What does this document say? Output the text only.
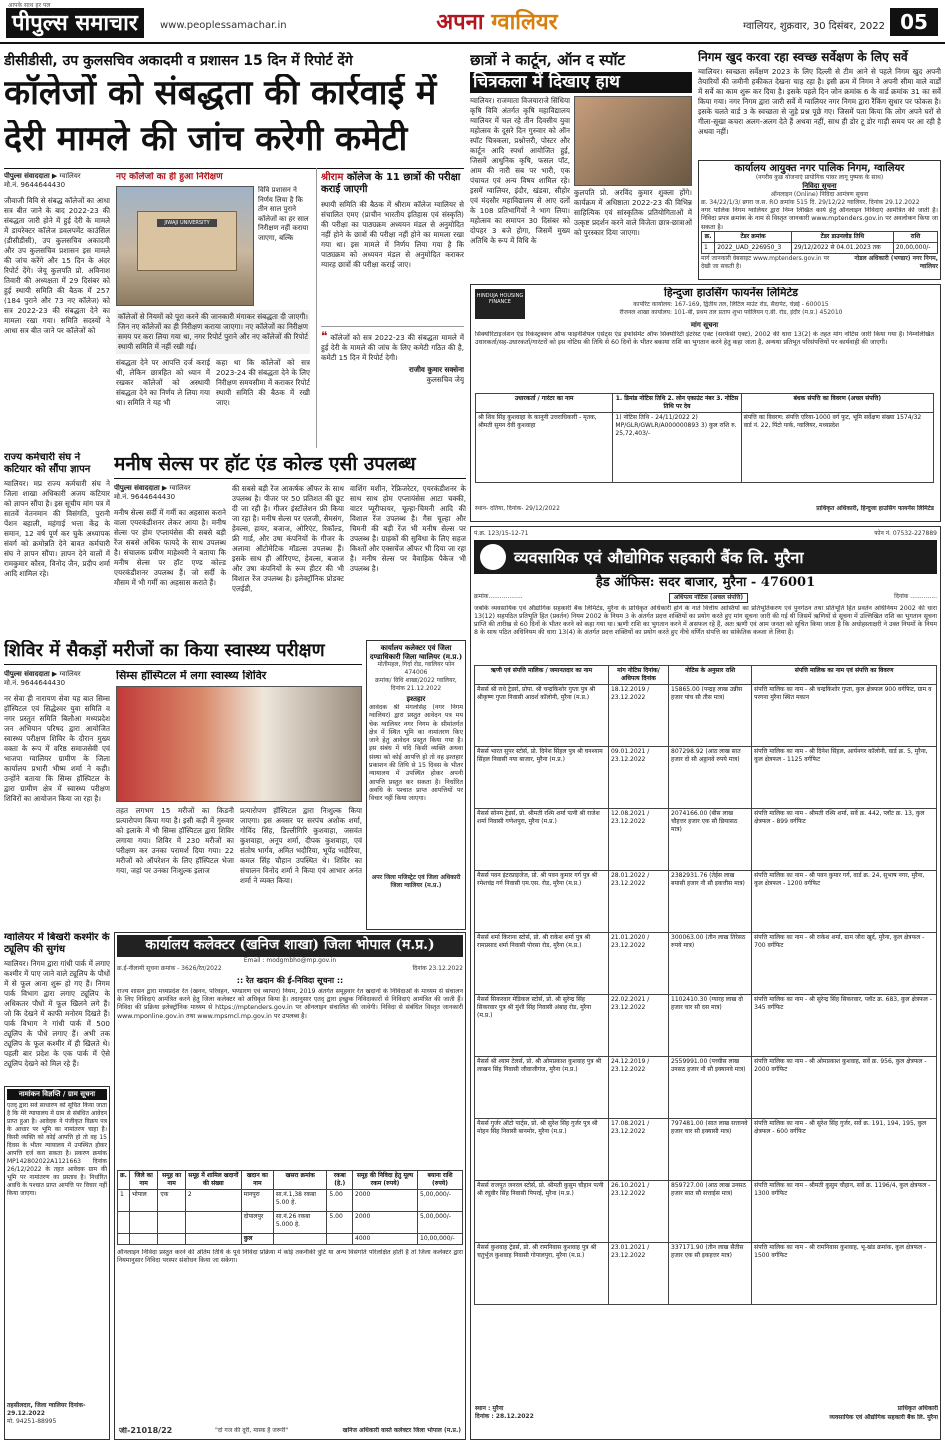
पीपुल्स समाचार
आपके साथ हर पल
www.peoplessamachar.in	अपना ग्वालियर	ग्वालियर, शुक्रवार, 30 दिसंबर, 2022 05
डीसीडीसी, उप कुलसचिव अकादमी व प्रशासन 15 दिन में रिपोर्ट देंगे
कॉलेजों को संबद्धता की कार्रवाई में
देरी मामले की जांच करेगी कमेटी
पीपुल्स संवाददाता ▶ ग्वालियर
मो.नं. 9644644430
जीवाजी विवि से संबद्ध कॉलेजों का आधा सत्र बीत जाने के बाद 2022-23 की संबद्धता जारी होने में हुई देरी के मामले में डायरेक्टर कॉलेज डवलपमेंट काउंसिल (डीसीडीसी), उप कुलसचिव अकादमी और उप कुलसचिव प्रशासन इस मामले की जांच करेंगे और 15 दिन के अंदर रिपोर्ट देंगे। जेयू कुलपति प्रो. अविनाश तिवारी की अध्यक्षता में 29 दिसंबर को हुई स्थायी समिति की बैठक में 257 (184 पुराने और 73 नए कॉलेज) को सत्र 2022-23 की संबद्धता देने का मामला रखा गया। समिति सदस्यों ने आधा सत्र बीत जाने पर कॉलेजों को
नए कॉलेजों का ही हुआ निरीक्षण
JIWAJI UNIVERSITY
विवि प्रशासन ने निर्णय लिया है कि तीन साल पुराने कॉलेजों का हर साल निरीक्षण नहीं कराया जाएगा, बल्कि
कॉलेजों से नियमों को पूरा करने की जानकारी मंगाकर संबद्धता दी जाएगी। जिन नए कॉलेजों का ही निरीक्षण कराया जाएगा। नए कॉलेजों का निरीक्षण समय पर करा लिया गया था, नगर रिपोर्ट पुराने और नए कॉलेजों की रिपोर्ट स्थायी समिति में नहीं रखी गई।
संबद्धता देने पर आपत्ति दर्ज कराई थी, लेकिन छात्रहित को ध्यान में रखकर कॉलेजों को अस्थायी संबद्धता देने का निर्णय ले लिया गया था। समिति ने यह भी
कहा था कि कॉलेजों को सत्र 2023-24 की संबद्धता देने के लिए निरीक्षण समयसीमा में कराकर रिपोर्ट स्थायी समिति की बैठक में रखी जाए।
श्रीराम कॉलेज के 11 छात्रों की परीक्षा कराई जाएगी
स्थायी समिति की बैठक में श्रीराम कॉलेज ग्वालियर से संचालित एमए (प्राचीन भारतीय इतिहास एवं संस्कृति) की परीक्षा का पाठ्यक्रम अध्ययन मंडल से अनुमोदित नहीं होने के छात्रों की परीक्षा नहीं होने का मामला रखा गया था। इस मामले में निर्णय लिया गया है कि पाठ्यक्रम को अध्ययन मंडल से अनुमोदित कराकर ग्यारह छात्रों की परीक्षा कराई जाए।
❝ कॉलेजों को सत्र 2022-23 की संबद्धता मामले में हुई देरी के मामले की जांच के लिए कमेटी गठित की है, कमेटी 15 दिन में रिपोर्ट देगी।
राजीव कुमार सक्सेना
कुलसचिव जेयू
छात्रों ने कार्टून, ऑन द स्पॉट
चित्रकला में दिखाए हाथ
ग्वालियर। राजमाता विजयाराजे सिंधिया कृषि विवि अंतर्गत कृषि महाविद्यालय ग्वालियर में चल रहे तीन दिवसीय युवा महोत्सव के दूसरे दिन गुरुवार को ऑन स्पॉट चित्रकला, प्रश्नोत्तरी, पोस्टर और कार्टून आदि स्पर्धा आयोजित हुई, जिसमें आधुनिक कृषि, फसल पॉट, आम की नारी सब पर भारी, एक पंचायत एवं अन्य विषय शामिल रहे। इसमें ग्वालियर, इंदौर, खंडवा, सीहोर एवं मंदसौर महाविद्यालय से आए दलों के 108 प्रतिभागियों ने भाग लिया। महोत्सव का समापन 30 दिसंबर को दोपहर 3 बजे होगा, जिसमें मुख्य अतिथि के रूप में विधि के
कुलपति प्रो. अरविंद कुमार शुक्ला होंगे। कार्यक्रम में अधिष्ठाता 2022-23 की विभिन्न साहित्यिक एवं सांस्कृतिक प्रतियोगिताओं में उत्कृष्ट प्रदर्शन करने वाले विजेता छात्र-छात्राओं को पुरस्कार दिया जाएगा।
निगम खुद करवा रहा स्वच्छ सर्वेक्षण के लिए सर्वे
ग्वालियर। स्वच्छता सर्वेक्षण 2023 के लिए दिल्ली से टीम आने से पहले निगम खुद अपनी तैयारियों की जमीनी हकीकत देखना चाह रहा है। इसी क्रम में निगम ने अपनी सीमा वाले वार्डों में सर्वे का काम शुरू कर दिया है। इसके पहले दिन जोन क्रमांक 6 के वार्ड क्रमांक 31 का सर्वे किया गया। नगर निगम द्वारा जारी सर्वे में ग्वालियर नगर निगम द्वारा रैंकिंग सुधार पर फोकस है। इसके चलते वार्ड 3 के स्वच्छता से जुड़े प्रश्न पूछे गए। जिसमें पता किया कि लोग अपने घरों से गीला-सूखा कचरा अलग-अलग देते हैं अथवा नहीं, साथ ही डोर टू डोर गाड़ी समय पर आ रही है अथवा नहीं।
कार्यालय आयुक्त नगर पालिक निगम, ग्वालियर
(नगरीय कुछ योजनाएं प्रायोगिक पावर लागू पुष्पक के साथ)
निविदा सूचना
ऑनलाइन (Online) निविदा आमंत्रण सूचना
क्र. 34/22/1/3/ ब्रगरा ज.स. RO क्रमांक 515 दि. 29/12/22 ग्वालियर, दिनांक 29.12.2022
नगर पालिक निगम ग्वालियर द्वारा निम्न लिखित कार्य हेतु ऑनलाइन निविदाएं आमंत्रित की जाती है। निविदा प्रपत्र क्रमांक के नाम से विस्तृत जानकारी www.mptenders.gov.in पर अवलोकन किया जा सकता है।
क्र.	टेंडर क्रमांक	टेंडर डाउनलोड तिथि	राशि
1	2022_UAD_226950_3	29/12/2022 से 04.01.2023 तक	20,00,000/-
मार्ग जानकारी वेबसाइट www.mptenders.gov.in पर देखी जा सकती है।
नोडल अधिकारी (भण्डार) नगर निगम, ग्वालियर
राज्य कर्मचारी संघ ने कटियार को सौंपा ज्ञापन
ग्वालियर। मप्र राज्य कर्मचारी संघ ने जिला शाखा अधिकारी अजय कटियार को ज्ञापन सौंपा है। इस सूचीय मांग पत्र में सातवें वेतनमान की विसंगति, पुरानी पेंशन बहाली, महंगाई भत्ता केंद्र के समान, 12 वर्ष पूर्ण कर चुके अध्यापक संवर्ग को क्रमोन्नति देने बावत कर्मचारी संघ ने ज्ञापन सौंपा। ज्ञापन देने वालों में रामकुमार कौरव, विनोद जैन, प्रदीप शर्मा आदि शामिल रहे।
HINDUJA HOUSING FINANCE
हिन्दुजा हाउसिंग फायनेंस लिमिटेड
कार्पोरेट कार्यालय: 167-169, द्वितीय तल, लिटिल माउंट रोड, सैदापेट, चेन्नई - 600015
रीजनल शाखा कार्यालय: 101-बी, प्रथम तल प्रताप शुभा पवेलियन ए.बी. रोड, इंदौर (म.प्र.) 452010
मांग सूचना
सिक्योरिटाइजेशन एंड रिकंस्ट्रक्शन ऑफ फाइनेंशियल एसेट्स एंड इंफोर्समेंट ऑफ सिक्योरिटी इंटरेस्ट एक्ट (सरफेसी एक्ट), 2002 की धारा 13(2) के तहत मांग नोटिस जारी किया गया है। निम्नलिखित उधारकर्ता/सह-उधारकर्ता/गारंटरों को इस नोटिस की तिथि से 60 दिनों के भीतर बकाया राशि का भुगतान करने हेतु कहा जाता है, अन्यथा प्रतिभूत परिसंपत्तियों पर कार्यवाही की जाएगी।
उधारकर्ता / गारंटर का नाम	1. डिमांड नोटिस तिथि 2. लोन एकाउंट नंबर 3. नोटिस तिथि पर देय	बंधक संपत्ति का विवरण (अचल संपत्ति)
श्री शिव सिंह कुशवाहा के कानूनी उत्तराधिकारी - मृतक, श्रीमती सुमन देवी कुशवाहा	1) नोटिस तिथि - 24/11/2022 2) MP/GLR/GWLR/A000000893 3) कुल राशि रु. 25,72,403/-	संपत्ति का विवरण: संपत्ति एरिया-1000 वर्ग फुट, भूमि सर्वेक्षण संख्या 1574/32 वार्ड नं. 22, पिंटो पार्क, ग्वालियर, मध्यप्रदेश
स्थान- दतिया, दिनांक- 29/12/2022	प्राधिकृत अधिकारी, हिन्दुजा हाउसिंग फायनेंस लिमिटेड
मनीष सेल्स पर हॉट एंड कोल्ड एसी उपलब्ध
पीपुल्स संवाददाता ▶ ग्वालियर
मो.नं. 9644644430
मनीष सेल्स सर्दी में गर्मी का अहसास कराने वाला एयरकंडीशनर लेकर आया है। मनीष सेल्स पर होम एप्लायंसेस की सबसे बड़ी रेंज सबसे अधिक फायदे के साथ उपलब्ध है। संचालक प्रवीण माहेश्वरी ने बताया कि मनीष सेल्स पर हॉट एण्ड कोल्ड एयरकंडीशनर उपलब्ध हैं। जो सर्दी के मौसम में भी गर्मी का अहसास कराते हैं।
की सबसे बड़ी रेंज आकर्षक ऑफर के साथ उपलब्ध है। पीजर पर 50 प्रतिशत की छूट दी जा रही है। गीजर इंस्टॉलेशन फ्री किया जा रहा है। मनीष सेल्स पर एलजी, सैमसंग, हेवल्स, हायर, बजाज, ओरिएंट, रिकॉल्ड, फ्री गार्ड, और उषा कंपनियों के गीजर के अलावा ऑटोमेटिक मॉडल्स उपलब्ध हैं। इसके साथ ही ऑरिएण्ट, हेवल्स, बजाज और उषा कंपनियों के रूम हीटर की भी विशाल रेंज उपलब्ध है। इलेक्ट्रॉनिक प्रोडक्ट एलईडी,
वाशिंग मशीन, रेफ्रिजरेटर, एयरकंडीशनर के साथ साथ होम एप्लायंसेस आटा चक्की, वाटर प्यूरीफायर, चूल्हा-चिमनी आदि की विशाल रेंज उपलब्ध है। गैस चूल्हा और चिमनी की बड़ी रेंज भी मनीष सेल्स पर उपलब्ध है। ग्राहकों की सुविधा के लिए सहज किश्तों और एक्सचेंज ऑफर भी दिया जा रहा है। मनीष सेल्स पर वैवाहिक पैकेज भी उपलब्ध है।
शिविर में सैकड़ों मरीजों का किया स्वास्थ्य परीक्षण
पीपुल्स संवाददाता ▶ ग्वालियर
मो.नं. 9644644430
नर सेवा ही नारायण सेवा यह बात सिम्स हॉस्पिटल एवं सिद्धेश्वर युवा समिति व नगर प्रस्तुत समिति बिलौआ मध्यप्रदेश जन अभियान परिषद द्वारा आयोजित स्वास्थ्य परीक्षण शिविर के दौरान मुख्य वक्ता के रूप में वरिष्ठ समाजसेवी एवं भाजपा ग्वालियर ग्रामीण के जिला कार्यालय प्रभारी भीष्म शर्मा ने कही। उन्होंने बताया कि सिम्स हॉस्पिटल के द्वारा ग्रामीण क्षेत्र में स्वास्थ्य परीक्षण शिविरों का आयोजन किया जा रहा है।
सिम्स हॉस्पिटल में लगा स्वास्थ्य शिविर
तहत लगभग 15 मरीजों का किडनी प्रत्यारोपण किया गया है। इसी कड़ी में गुरुवार को इलाके में भी सिम्स हॉस्पिटल द्वारा शिविर लगाया गया। शिविर में 230 मरीजों का परीक्षण कर उनका परामर्श दिया गया। 22 मरीजों को ऑपरेशन के लिए हॉस्पिटल भेजा गया, जहां पर उनका निःशुल्क इलाज
प्रत्यारोपण हॉस्पिटल द्वारा निःशुल्क किया जाएगा। इस अवसर पर सरपंच अशोक शर्मा, गोविंद सिंह, डिल्लीगिरि कुशवाहा, जसवंत कुशवाहा, अनूप शर्मा, दीपक कुशवाहा, एवं संतोष भार्गव, अमित भदौरिया, भूपेंद्र भदौरिया, कमल सिंह चौहान उपस्थित थे। शिविर का संचालन विनोद शर्मा ने किया एवं आभार अनंत शर्मा ने व्यक्त किया।
कार्यालय कलेक्टर एवं जिला दण्डाधिकारी जिला ग्वालियर (म.प्र.)
मोतीमहल, गिर्दा रोड, ग्वालियर फोन 474006
क्रमांक/ विधि शाखा/2022 ग्वालियर, दिनांक 21.12.2022
इश्तहार
आवेदक श्री मंगलसिंह (नगर निगम ग्वालियर) द्वारा प्रस्तुत आवेदन पत्र मय चेक ग्वालियर नगर निगम के सीमांतर्गत क्षेत्र में स्थित भूमि का नामांतरण किए जाने हेतु आवेदन प्रस्तुत किया गया है। इस संबंध में यदि किसी व्यक्ति अथवा संस्था को कोई आपत्ति हो तो वह इश्तहार प्रकाशन की तिथि से 15 दिवस के भीतर न्यायालय में उपस्थित होकर अपनी आपत्ति प्रस्तुत कर सकता है। निर्धारित अवधि के पश्चात प्राप्त आपत्तियों पर विचार नहीं किया जाएगा।
अपर जिला मजिस्ट्रेट एवं जिला अधिकारी जिला ग्वालियर (म.प्र.)
ग्वालियर में बिखरी कश्मीर के ट्यूलिप की सुगंध
ग्वालियर। निगम द्वारा गांधी पार्क में लगाए कश्मीर में पाए जाने वाले ट्यूलिप के पौधों में से फूल आना शुरू हो गए हैं। निगम पार्क विभाग द्वारा लगाए ट्यूलिप के अधिकतर पौधों में फूल खिलने लगे हैं। जो कि देखने में काफी मनोरम दिखते हैं। पार्क विभाग ने गांधी पार्क में 500 ट्यूलिप के पौधे लगाए हैं। अभी तक ट्यूलिप के फूल कश्मीर में ही खिलते थे। पहली बार प्रदेश के एक पार्क में ऐसे ट्यूलिप देखने को मिल रहे हैं।
नामांकन विज्ञप्ति / ग्राम सूचना
एतद् द्वारा सर्व साधारण को सूचित किया जाता है कि मेरे न्यायालय में ग्राम से संबंधित आवेदन प्राप्त हुआ है। आवेदक ने पंजीकृत विक्रय पत्र के आधार पर भूमि का नामांतरण चाहा है। किसी व्यक्ति को कोई आपत्ति हो तो वह 15 दिवस के भीतर न्यायालय में उपस्थित होकर आपत्ति दर्ज करा सकता है। प्रकरण क्रमांक MP142802022A1121663 दिनांक 26/12/2022 के तहत आवेदक ग्राम की भूमि पर नामांतरण का प्रस्ताव है। निर्धारित अवधि के पश्चात प्राप्त आपत्ति पर विचार नहीं किया जाएगा।
तहसीलदार, जिला ग्वालियर दिनांक- 29.12.2022
मो. 94251-88995
कार्यालय कलेक्टर (खनिज शाखा) जिला भोपाल (म.प्र.)
Email : modgmbho@mp.gov.in
क्र.ई-नीलामी सूचना क्रमांक - 3626/रेत/2022	दिनांक 23.12.2022
:: रेत खदान की ई-निविदा सूचना ::
राज्य शासन द्वारा मध्यप्रदेश रेत (खनन, परिवहन, भण्डारण एवं व्यापार) नियम, 2019 अंतर्गत समूहवार रेत खदानों के निविदाओं के माध्यम से संचालन के लिए निविदाएं आमंत्रित करने हेतु जिला कलेक्टर को अधिकृत किया है। तदानुसार एतद् द्वारा इच्छुक निविदाकारों से निविदाएं आमंत्रित की जाती हैं। निविदा की प्रक्रिया इलेक्ट्रॉनिक माध्यम से https://mptenders.gov.in पर ऑनलाइन संचालित की जावेगी। निविदा से संबंधित विस्तृत जानकारी www.mponline.gov.in तथा www.mpsmcl.mp.gov.in पर उपलब्ध है।
क्र.	जिले का नाम	समूह का नाम	समूह में शामिल खदानों की संख्या	खदान का नाम	खसरा क्रमांक	रकबा (हे.)	समूह की निविदा हेतु मूल्य रकम (रुपये)	बयाना राशि (रुपये)
1	भोपाल	एक	2	मानपुरा	सा.नं.1,38 रकबा 5.00 हे.	5.00	2000	5,00,000/-
				दोपालपुर	सा.नं.26 रकबा 5.000 हे.	5.00	2000	5,00,000/-
				कुल			4000	10,00,000/-
ऑनलाइन निविदा प्रस्तुत करने की अंतिम तिथि के पूर्व निविदा प्रक्रिया में कोई तकनीकी त्रुटि या अन्य विसंगति परिलक्षित होती है तो जिला कलेक्टर द्वारा नियमानुसार निविदा परस्पर संशोधन किया जा सकेगा।
जी-21018/22	"दो गज की दूरी, मास्क है जरूरी"	खनिज अधिकारी वास्ते कलेक्टर जिला भोपाल (म.प्र.)
पं.क्र. 123/15-12-71	फोन नं. 07532-227889
व्यवसायिक एवं औद्योगिक सहकारी बैंक लि. मुरैना
हैड ऑफिस: सदर बाजार, मुरैना - 476001
क्रमांक..................	अधिपत्य नोटिस (अचल संपत्ति)	दिनांक ..............
जबकि व्यवसायिक एवं औद्योगिक सहकारी बैंक लिमिटेड, मुरैना के प्राधिकृत अधिकारी होने के नाते वित्तीय आस्तियों का प्रतिभूतिकरण एवं पुनर्गठन तथा प्रतिभूति हित प्रवर्तन अधिनियम 2002 की धारा 13(12) सहपठित प्रतिभूति हित (प्रवर्तन) नियम 2002 के नियम 3 के अंतर्गत प्रदत्त शक्तियों का प्रयोग करते हुए मांग सूचना जारी की गई थी जिसमें ऋणियों से सूचना में उल्लिखित राशि का भुगतान सूचना प्राप्ति की तारीख से 60 दिनों के भीतर करने को कहा गया था। ऋणी राशि का भुगतान करने में असफल रहे हैं, अतः ऋणी एवं आम जनता को सूचित किया जाता है कि अधोहस्ताक्षरी ने उक्त नियमों के नियम 8 के साथ पठित अधिनियम की धारा 13(4) के अंतर्गत प्रदत्त शक्तियों का प्रयोग करते हुए नीचे वर्णित संपत्ति का सांकेतिक कब्जा ले लिया है।
ऋणी एवं संपत्ति मालिक / जमानतदार का नाम	मांग नोटिस दिनांक/ अधिपत्य दिनांक	नोटिस के अनुसार राशि	संपत्ति मालिक का नाम एवं संपत्ति का विवरण
मैसर्स श्री राधे ट्रेडर्स, प्रोपा. श्री चन्द्रकिशोर गुप्ता पुत्र श्री श्रीकृष्ण गुप्ता निवासी आदर्श कॉलोनी, मुरैना (म.प्र.)	18.12.2019 / 23.12.2022	15865.00 (पन्द्रह लाख उन्नीस हजार पांच सौ तीस मात्र)	संपत्ति मालिक का नाम - श्री चन्द्रकिशोर गुप्ता, कुल क्षेत्रफल 900 वर्गफिट, ग्राम व परगना मुरैना स्थित मकान
मैसर्स भारत सुपर स्टोर्स, प्रो. दिनेश सिंहल पुत्र श्री घनश्याम सिंहल निवासी नया बाजार, मुरैना (म.प्र.)	09.01.2021 / 23.12.2022	807298.92 (आठ लाख सात हजार दो सौ अट्ठानवे रुपये मात्र)	संपत्ति मालिक का नाम - श्री दिनेश सिंहल, आर्यनगर कॉलोनी, वार्ड क्र. 5, मुरैना, कुल क्षेत्रफल - 1125 वर्गफिट
मैसर्स सोनम ट्रेडर्स, प्रो. श्रीमती रश्मि शर्मा पत्नी श्री राजेश शर्मा निवासी गणेशपुरा, मुरैना (म.प्र.)	12.08.2021 / 23.12.2022	2074166.00 (बीस लाख चौहत्तर हजार एक सौ छियासठ मात्र)	संपत्ति मालिक का नाम - श्रीमती रश्मि शर्मा, सर्वे क्र. 442, प्लॉट क्र. 13, कुल क्षेत्रफल - 899 वर्गफिट
मैसर्स पवन इंटरप्राइजेज, प्रो. श्री पवन कुमार गर्ग पुत्र श्री रमेशचंद्र गर्ग निवासी एम.एस. रोड, मुरैना (म.प्र.)	28.01.2022 / 23.12.2022	2382931.76 (तेईस लाख बयासी हजार नौ सौ इकत्तीस मात्र)	संपत्ति मालिक का नाम - श्री पवन कुमार गर्ग, वार्ड क्र. 24, सुभाष नगर, मुरैना, कुल क्षेत्रफल - 1200 वर्गफिट
मैसर्स शर्मा किराना स्टोर्स, प्रो. श्री राकेश शर्मा पुत्र श्री रामप्रसाद शर्मा निवासी पोरसा रोड, मुरैना (म.प्र.)	21.01.2020 / 23.12.2022	300063.00 (तीन लाख तिरेसठ रुपये मात्र)	संपत्ति मालिक का नाम - श्री राकेश शर्मा, ग्राम जौरा खुर्द, मुरैना, कुल क्षेत्रफल - 700 वर्गफिट
मैसर्स सिकरवार मेडिकल स्टोर्स, प्रो. श्री सुरेन्द्र सिंह सिकरवार पुत्र श्री मुंशी सिंह निवासी अंबाह रोड, मुरैना (म.प्र.)	22.02.2021 / 23.12.2022	1102410.30 (ग्यारह लाख दो हजार चार सौ दस मात्र)	संपत्ति मालिक का नाम - श्री सुरेन्द्र सिंह सिकरवार, प्लॉट क्र. 683, कुल क्षेत्रफल - 345 वर्गफिट
मैसर्स श्री श्याम टेलर्स, प्रो. श्री ओमप्रकाश कुशवाह पुत्र श्री लाखन सिंह निवासी जीवाजीगंज, मुरैना (म.प्र.)	24.12.2019 / 23.12.2022	2559991.00 (पच्चीस लाख उनसठ हजार नौ सौ इक्यानवे मात्र)	संपत्ति मालिक का नाम - श्री ओमप्रकाश कुशवाह, सर्वे क्र. 956, कुल क्षेत्रफल - 2000 वर्गफिट
मैसर्स गुर्जर ऑटो पार्ट्स, प्रो. श्री सुरेश सिंह गुर्जर पुत्र श्री मोहन सिंह निवासी बानमोर, मुरैना (म.प्र.)	17.08.2021 / 23.12.2022	797481.00 (सात लाख सत्तानवे हजार चार सौ इक्यासी मात्र)	संपत्ति मालिक का नाम - श्री सुरेश सिंह गुर्जर, सर्वे क्र. 191, 194, 195, कुल क्षेत्रफल - 600 वर्गफिट
मैसर्स राजपूत जनरल स्टोर्स, प्रो. श्रीमती कुसुम चौहान पत्नी श्री रघुवीर सिंह निवासी पिपरई, मुरैना (म.प्र.)	26.10.2021 / 23.12.2022	859727.00 (आठ लाख उनसठ हजार सात सौ सत्ताईस मात्र)	संपत्ति मालिक का नाम - श्रीमती कुसुम चौहान, सर्वे क्र. 1196/4, कुल क्षेत्रफल - 1300 वर्गफिट
मैसर्स कुशवाह ट्रेडर्स, प्रो. श्री रामनिवास कुशवाह पुत्र श्री चतुर्भुज कुशवाह निवासी गोपालपुरा, मुरैना (म.प्र.)	23.01.2021 / 23.12.2022	337171.90 (तीन लाख सैंतीस हजार एक सौ इकहत्तर मात्र)	संपत्ति मालिक का नाम - श्री रामनिवास कुशवाह, भू-खंड क्रमांक, कुल क्षेत्रफल - 1500 वर्गफिट
स्थान : मुरैना
दिनांक : 28.12.2022
प्राधिकृत अधिकारी
व्यवसायिक एवं औद्योगिक सहकारी बैंक लि. मुरैना
